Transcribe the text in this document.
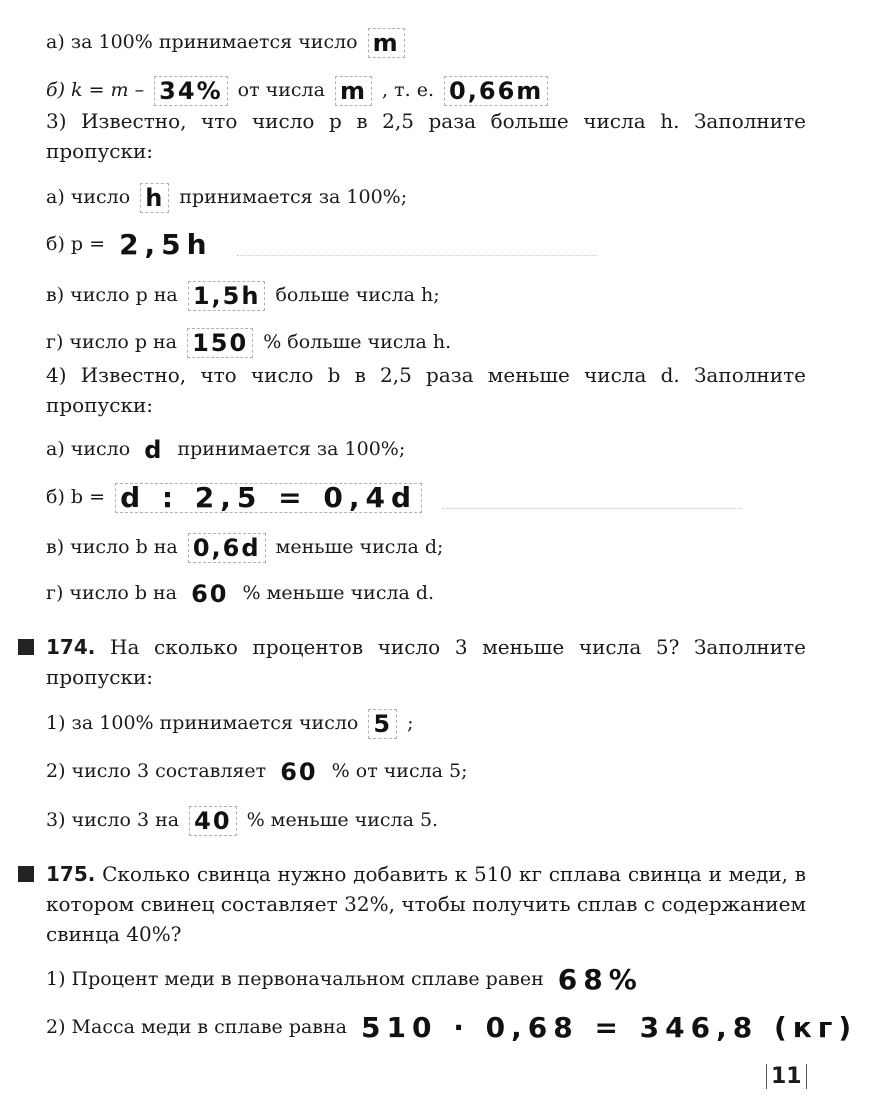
а) за 100% принимается число m
б) k = m – 34% от числа m , т. е. 0,66m
3) Известно, что число p в 2,5 раза больше числа h. Заполните пропуски:
а) число h принимается за 100%;
б) p = 2,5h
в) число p на 1,5h больше числа h;
г) число p на 150 % больше числа h.
4) Известно, что число b в 2,5 раза меньше числа d. Заполните пропуски:
а) число d принимается за 100%;
б) b = d : 2,5 = 0,4d
в) число b на 0,6d меньше числа d;
г) число b на 60 % меньше числа d.
174. На сколько процентов число 3 меньше числа 5? Заполните пропуски:
1) за 100% принимается число 5 ;
2) число 3 составляет 60 % от числа 5;
3) число 3 на 40 % меньше числа 5.
175. Сколько свинца нужно добавить к 510 кг сплава свинца и меди, в котором свинец составляет 32%, чтобы получить сплав с содержанием свинца 40%?
1) Процент меди в первоначальном сплаве равен 68%
2) Масса меди в сплаве равна 510 · 0,68 = 346,8 (кг)
11
